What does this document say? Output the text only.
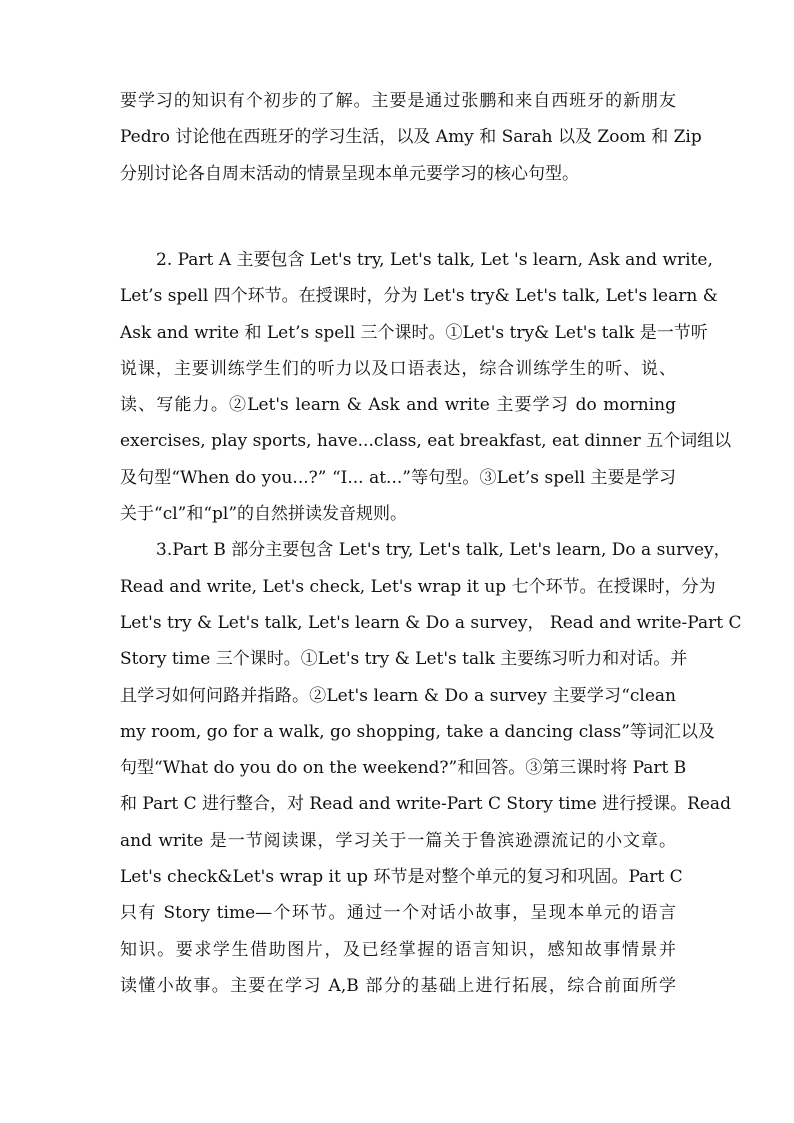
要学习的知识有个初步的了解。主要是通过张鹏和来自西班牙的新朋友
Pedro 讨论他在西班牙的学习生活，以及 Amy 和 Sarah 以及 Zoom 和 Zip
分别讨论各自周末活动的情景呈现本单元要学习的核心句型。
2. Part A 主要包含 Let's try, Let's talk, Let 's learn, Ask and write,
Let’s spell 四个环节。在授课时，分为 Let's try& Let's talk, Let's learn &
Ask and write 和 Let’s spell 三个课时。①Let's try& Let's talk 是一节听
说课，主要训练学生们的听力以及口语表达，综合训练学生的听、说、
读、写能力。②Let's learn & Ask and write 主要学习 do morning
exercises, play sports, have...class, eat breakfast, eat dinner 五个词组以
及句型“When do you...?” “I... at...”等句型。③Let’s spell 主要是学习
关于“cl”和“pl”的自然拼读发音规则。
3.Part B 部分主要包含 Let's try, Let's talk, Let's learn, Do a survey，
Read and write, Let's check, Let's wrap it up 七个环节。在授课时，分为
Let's try & Let's talk, Let's learn & Do a survey， Read and write-Part C
Story time 三个课时。①Let's try & Let's talk 主要练习听力和对话。并
且学习如何问路并指路。②Let's learn & Do a survey 主要学习“clean
my room, go for a walk, go shopping, take a dancing class”等词汇以及
句型“What do you do on the weekend?”和回答。③第三课时将 Part B
和 Part C 进行整合，对 Read and write-Part C Story time 进行授课。Read
and write 是一节阅读课，学习关于一篇关于鲁滨逊漂流记的小文章。
Let's check&Let's wrap it up 环节是对整个单元的复习和巩固。Part C
只有 Story time—个环节。通过一个对话小故事，呈现本单元的语言
知识。要求学生借助图片，及已经掌握的语言知识，感知故事情景并
读懂小故事。主要在学习 A,B 部分的基础上进行拓展，综合前面所学
